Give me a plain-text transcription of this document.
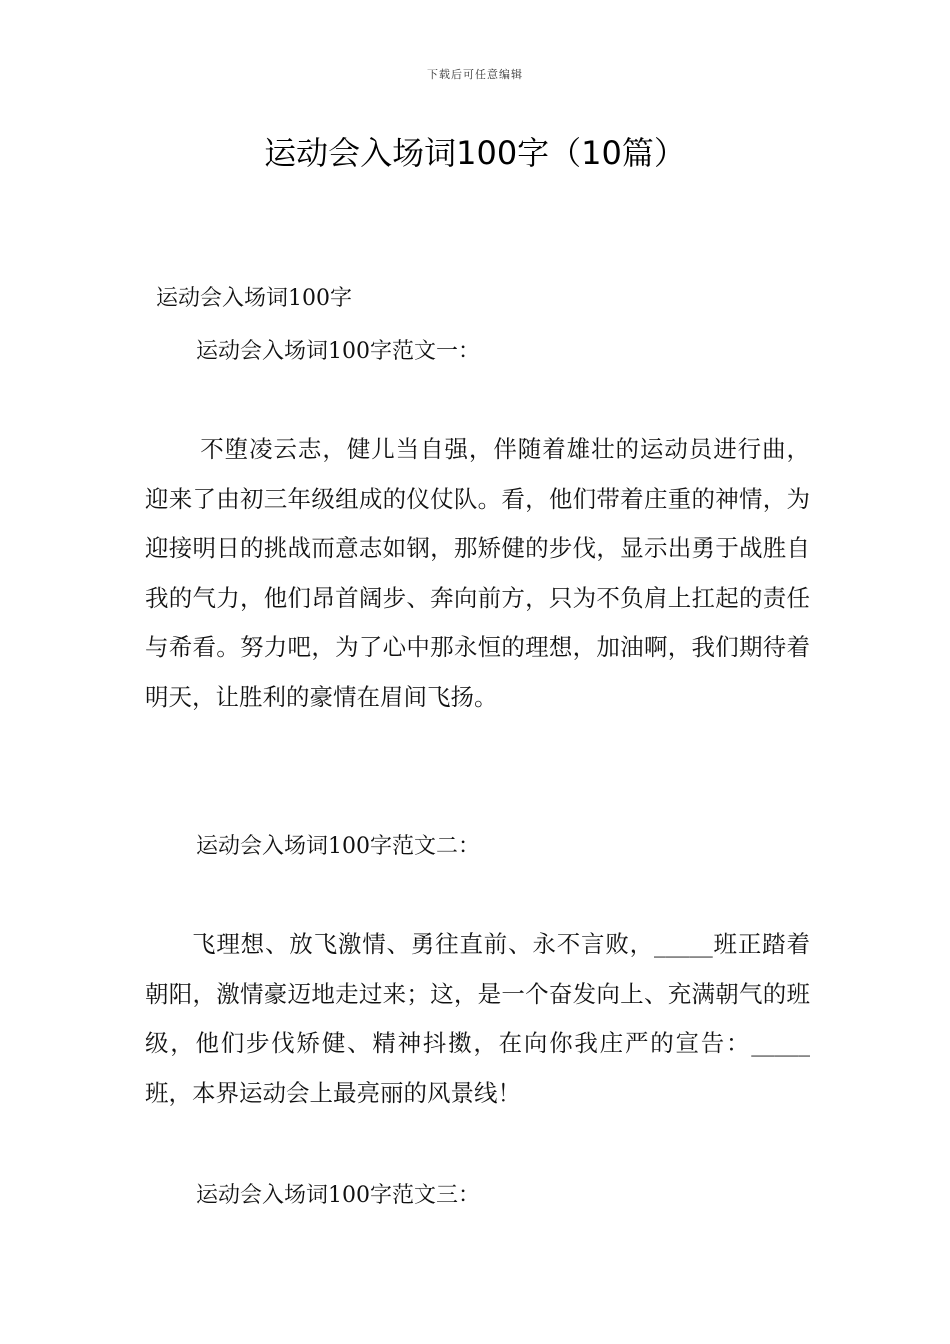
下载后可任意编辑
运动会入场词100字（10篇）
运动会入场词100字
运动会入场词100字范文一：

不堕凌云志，健儿当自强，伴随着雄壮的运动员进行曲，迎来了由初三年级组成的仪仗队。看，他们带着庄重的神情，为迎接明日的挑战而意志如钢，那矫健的步伐，显示出勇于战胜自我的气力，他们昂首阔步、奔向前方，只为不负肩上扛起的责任与希看。努力吧，为了心中那永恒的理想，加油啊，我们期待着明天，让胜利的豪情在眉间飞扬。

运动会入场词100字范文二：

飞理想、放飞激情、勇往直前、永不言败，_____班正踏着朝阳，激情豪迈地走过来；这，是一个奋发向上、充满朝气的班级，他们步伐矫健、精神抖擞，在向你我庄严的宣告：_____班，本界运动会上最亮丽的风景线！

运动会入场词100字范文三：
